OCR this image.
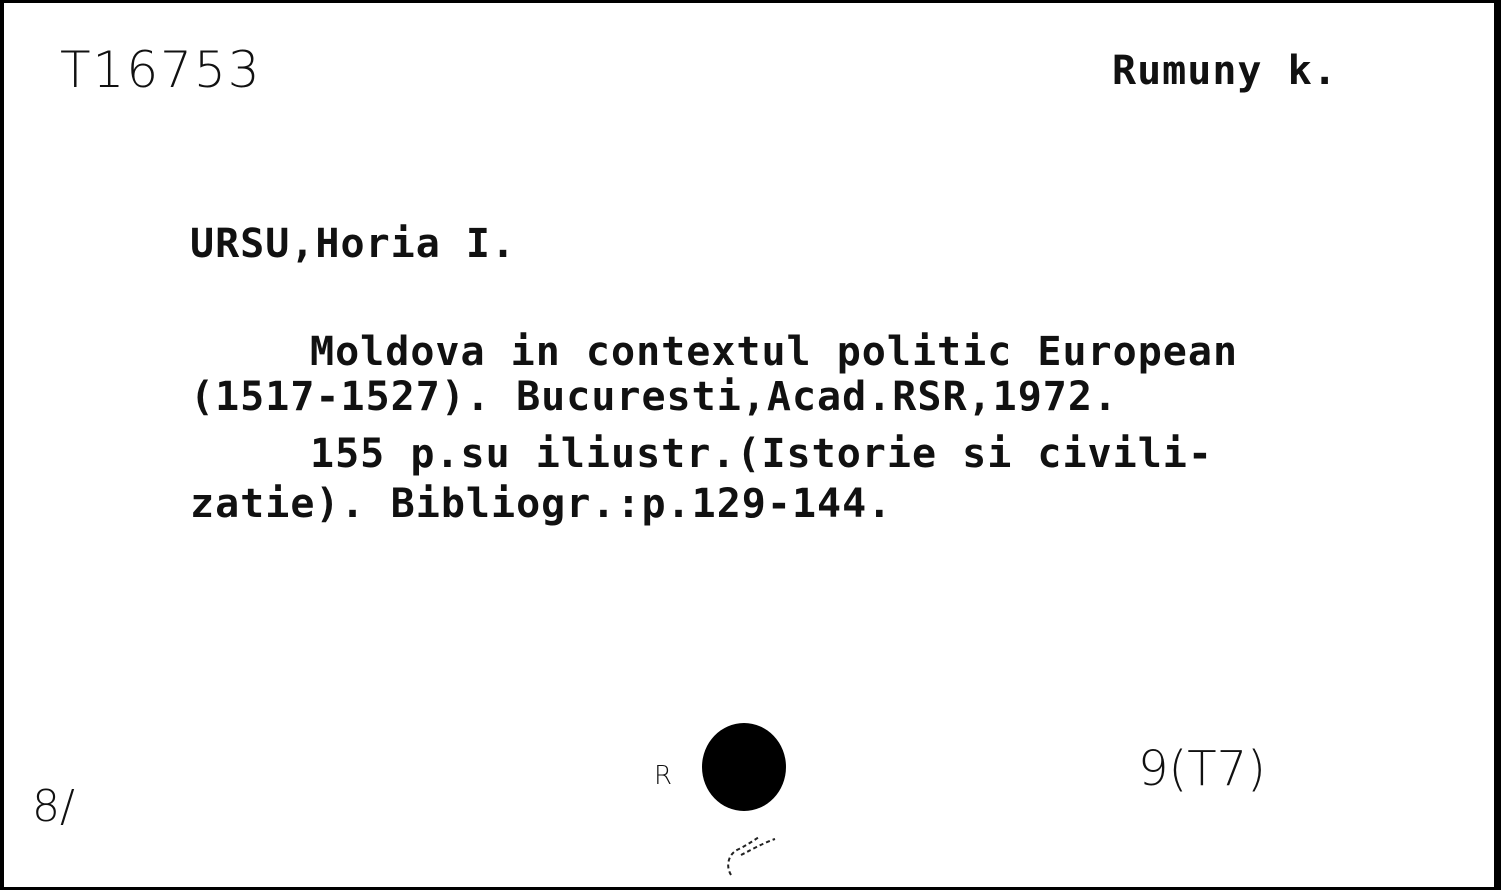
T16753	Rumuny k.
URSU,Horia I.
Moldova in contextul politic European
(1517-1527). Bucuresti,Acad.RSR,1972.
155 p.su iliustr.(Istorie si civili-
zatie). Bibliogr.:p.129-144.
8/
R	9(T7)
